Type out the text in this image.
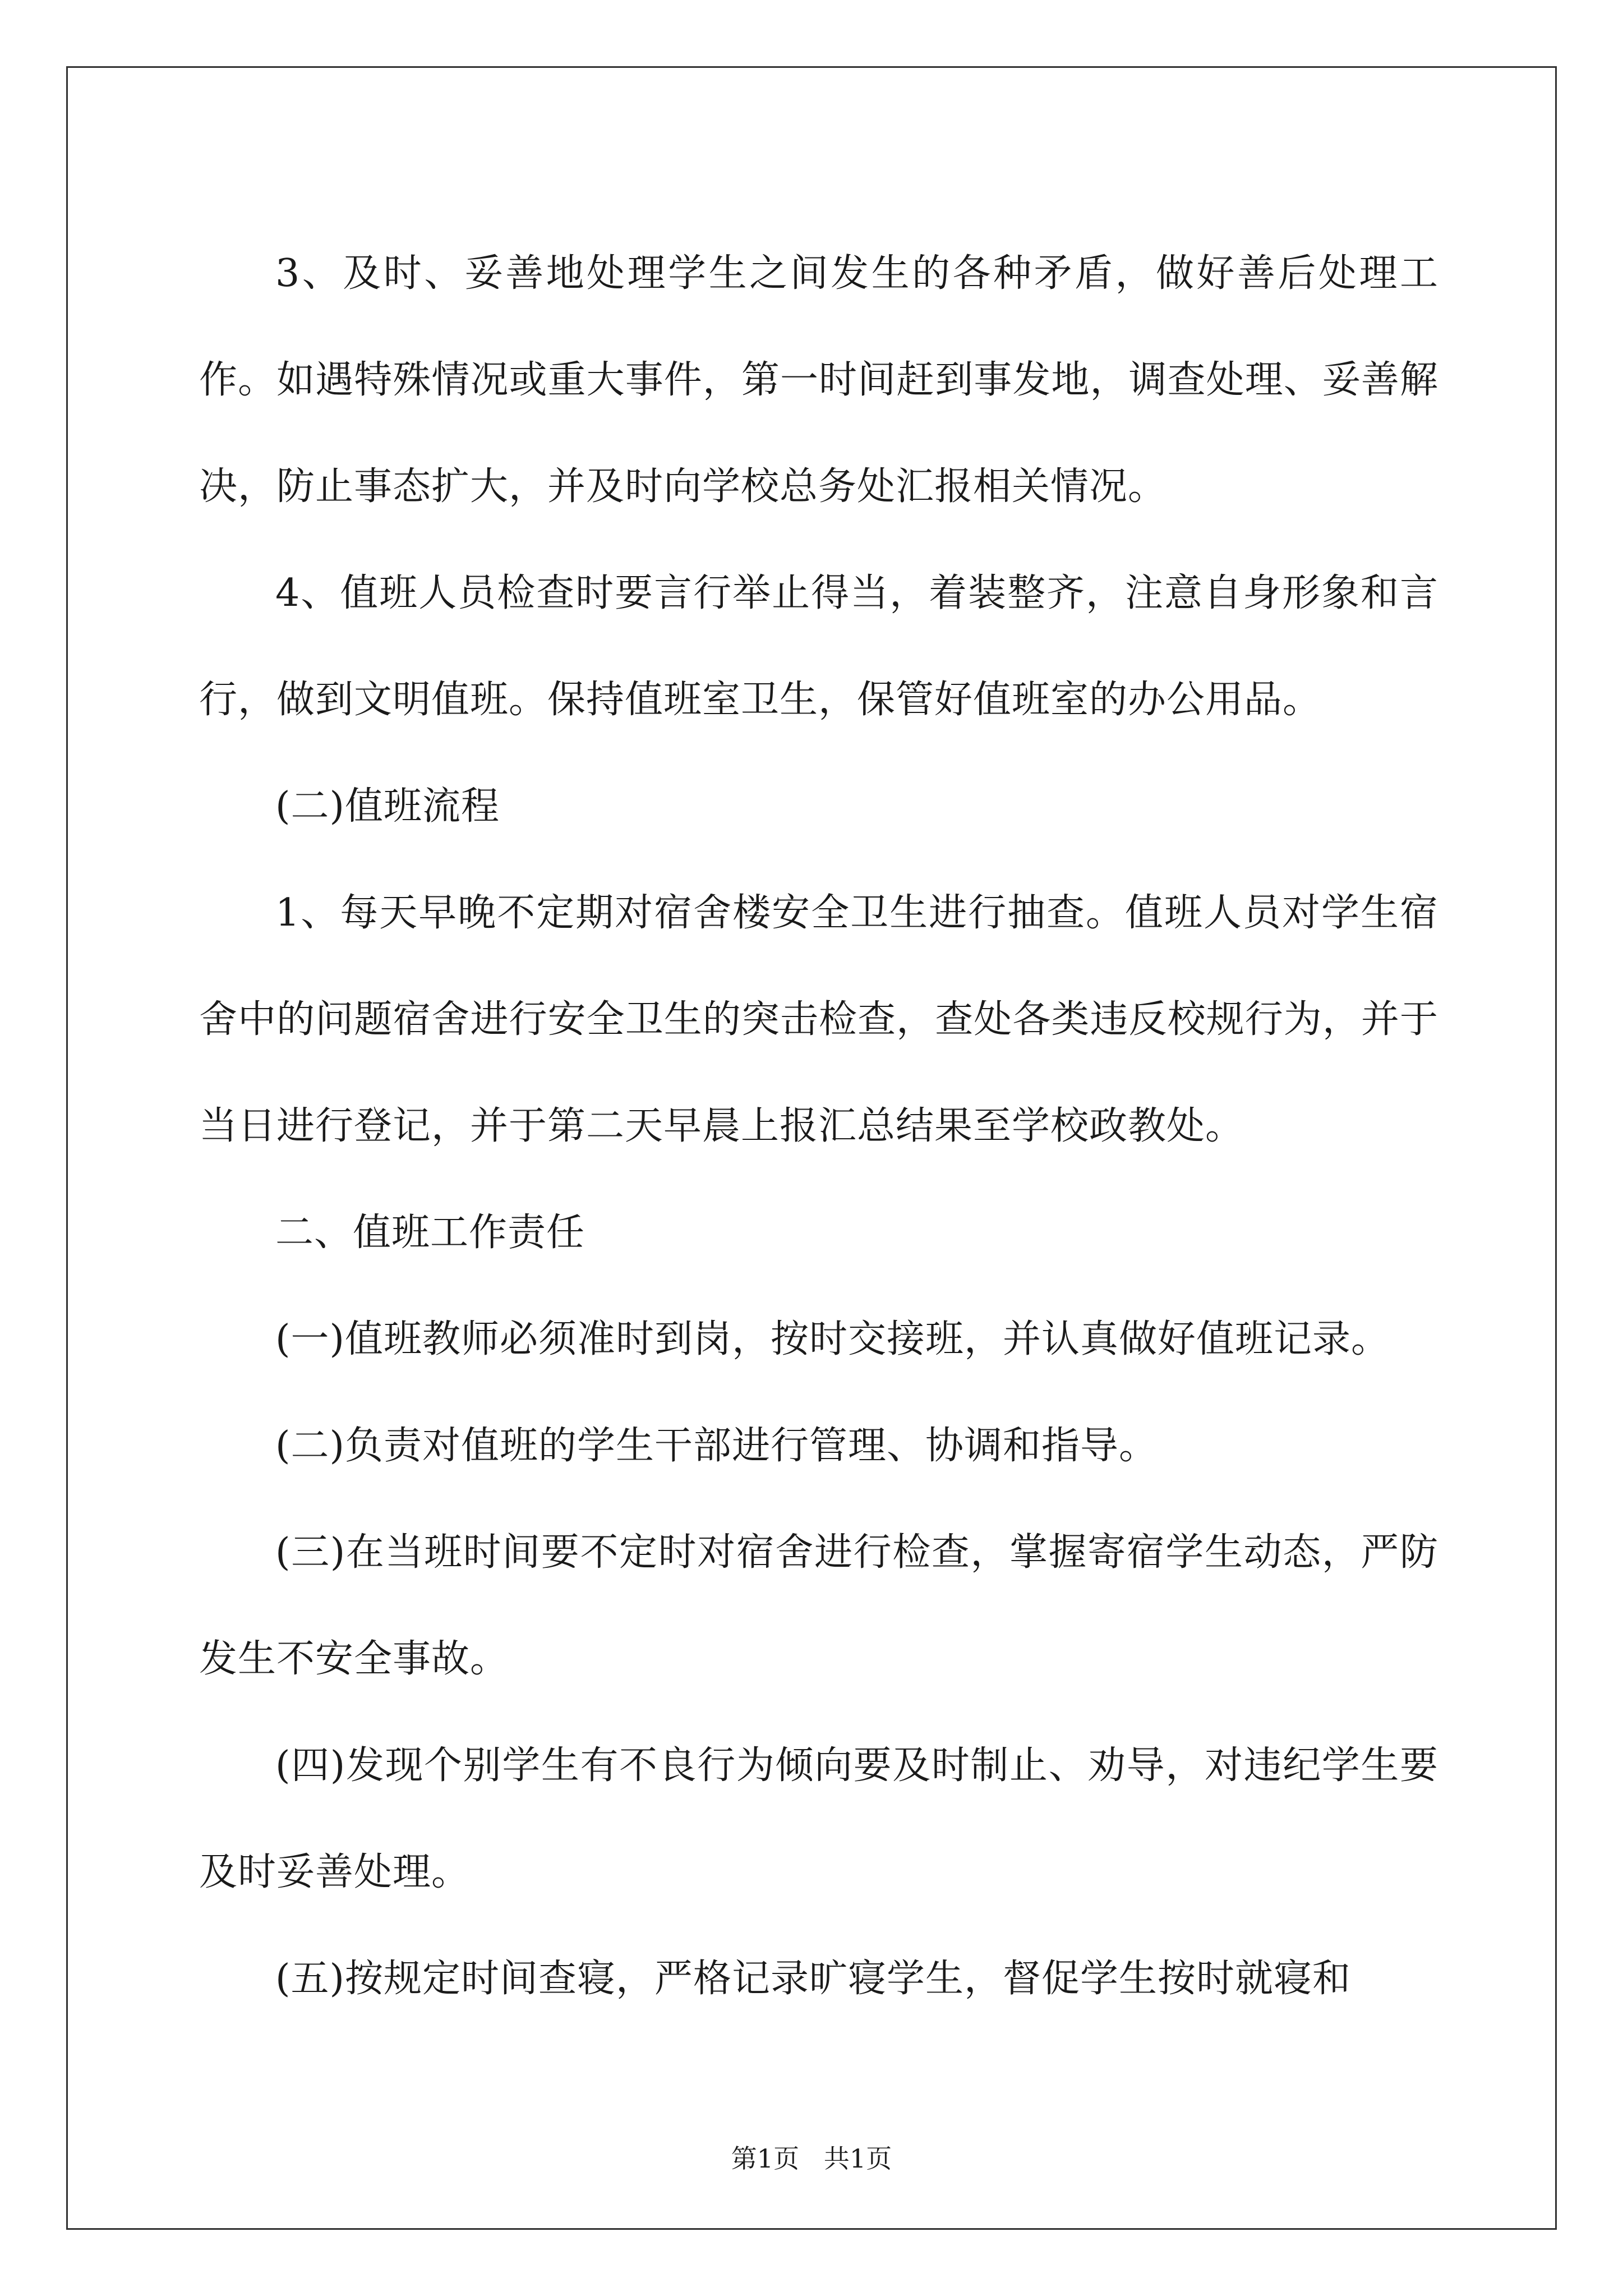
3、及时、妥善地处理学生之间发生的各种矛盾，做好善后处理工作。如遇特殊情况或重大事件，第一时间赶到事发地，调查处理、妥善解决，防止事态扩大，并及时向学校总务处汇报相关情况。

4、值班人员检查时要言行举止得当，着装整齐，注意自身形象和言行，做到文明值班。保持值班室卫生，保管好值班室的办公用品。

(二)值班流程

1、每天早晚不定期对宿舍楼安全卫生进行抽查。值班人员对学生宿舍中的问题宿舍进行安全卫生的突击检查，查处各类违反校规行为，并于当日进行登记，并于第二天早晨上报汇总结果至学校政教处。

二、值班工作责任

(一)值班教师必须准时到岗，按时交接班，并认真做好值班记录。

(二)负责对值班的学生干部进行管理、协调和指导。

(三)在当班时间要不定时对宿舍进行检查，掌握寄宿学生动态，严防发生不安全事故。

(四)发现个别学生有不良行为倾向要及时制止、劝导，对违纪学生要及时妥善处理。

(五)按规定时间查寝，严格记录旷寝学生，督促学生按时就寝和

第1页   共1页
